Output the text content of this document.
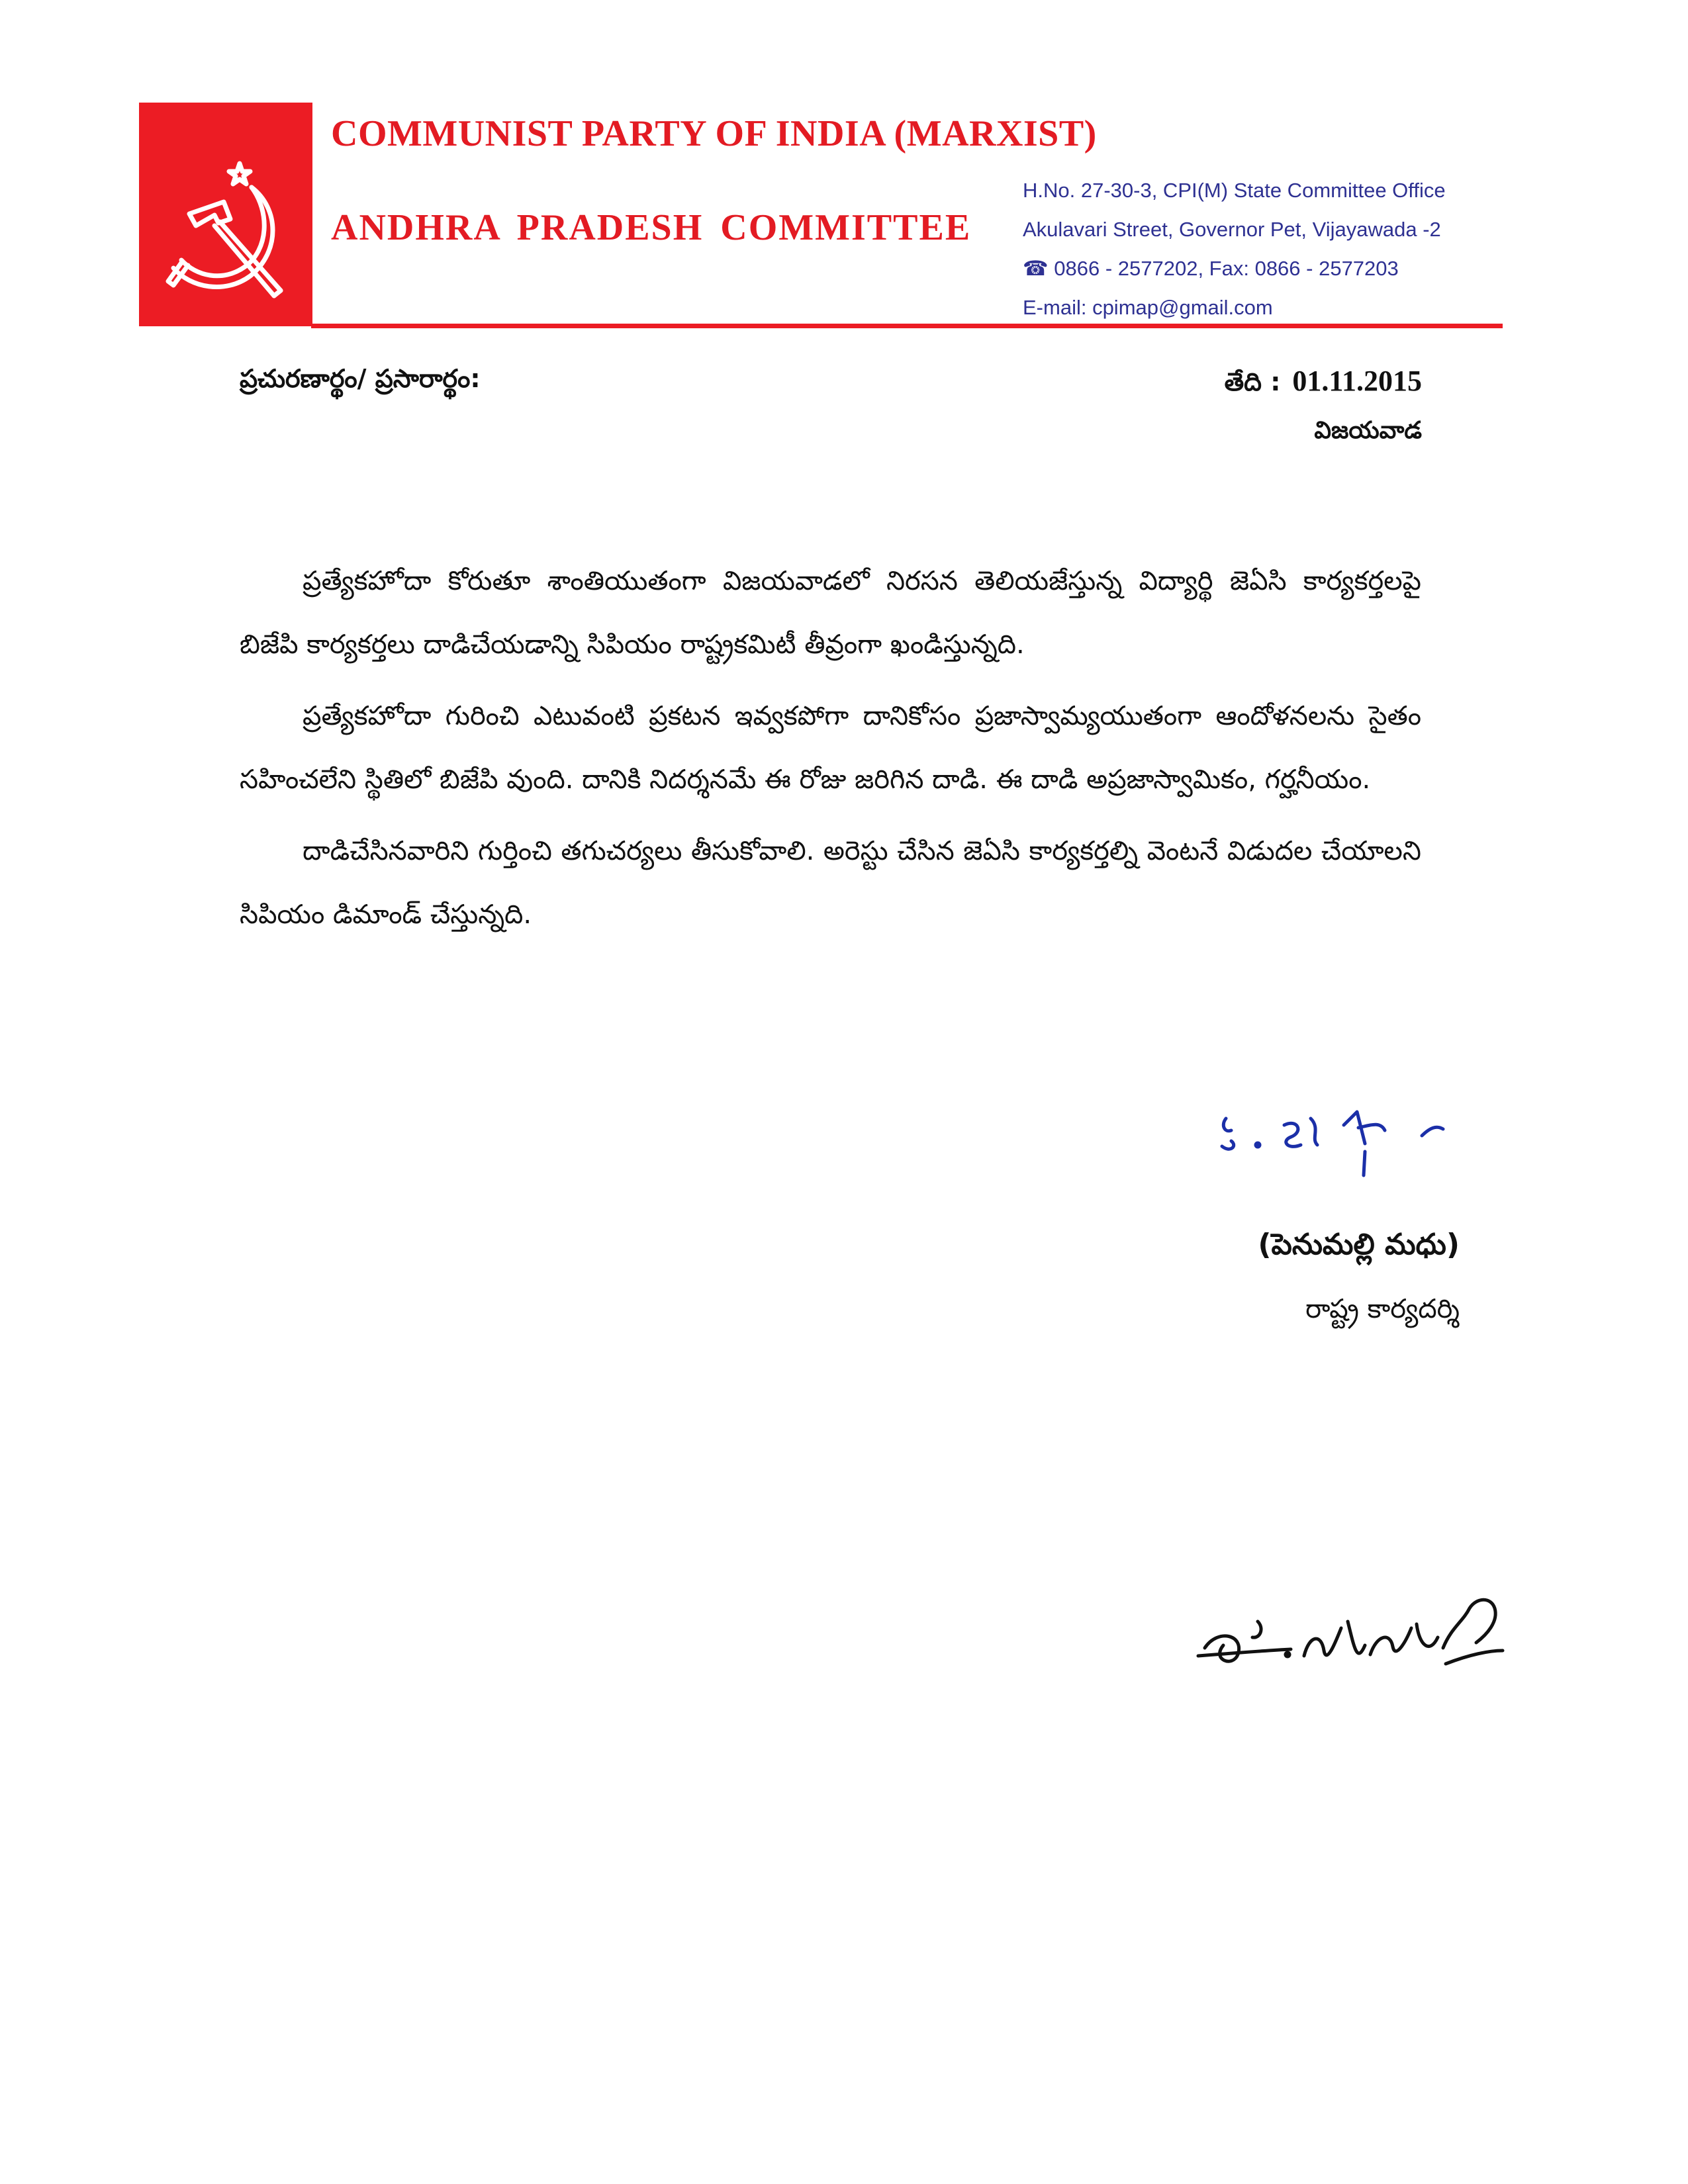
COMMUNIST PARTY OF INDIA (MARXIST)
ANDHRA PRADESH COMMITTEE
H.No. 27-30-3, CPI(M) State Committee Office
Akulavari Street, Governor Pet, Vijayawada -2
☎ 0866 - 2577202, Fax: 0866 - 2577203
E-mail: cpimap@gmail.com
ప్రచురణార్థం/ ప్రసారార్థం:	తేది : 01.11.2015
విజయవాడ

ప్రత్యేకహోదా కోరుతూ శాంతియుతంగా విజయవాడలో నిరసన తెలియజేస్తున్న విద్యార్థి జెఏసి కార్యకర్తలపై బిజేపి కార్యకర్తలు దాడిచేయడాన్ని సిపియం రాష్ట్రకమిటీ తీవ్రంగా ఖండిస్తున్నది.

ప్రత్యేకహోదా గురించి ఎటువంటి ప్రకటన ఇవ్వకపోగా దానికోసం ప్రజాస్వామ్యయుతంగా ఆందోళనలను సైతం సహించలేని స్థితిలో బిజేపి వుంది. దానికి నిదర్శనమే ఈ రోజు జరిగిన దాడి. ఈ దాడి అప్రజాస్వామికం, గర్హనీయం.

దాడిచేసినవారిని గుర్తించి తగుచర్యలు తీసుకోవాలి. అరెస్టు చేసిన జెఏసి కార్యకర్తల్ని వెంటనే విడుదల చేయాలని సిపియం డిమాండ్ చేస్తున్నది.

(పెనుమల్లి మధు)
రాష్ట్ర కార్యదర్శి
